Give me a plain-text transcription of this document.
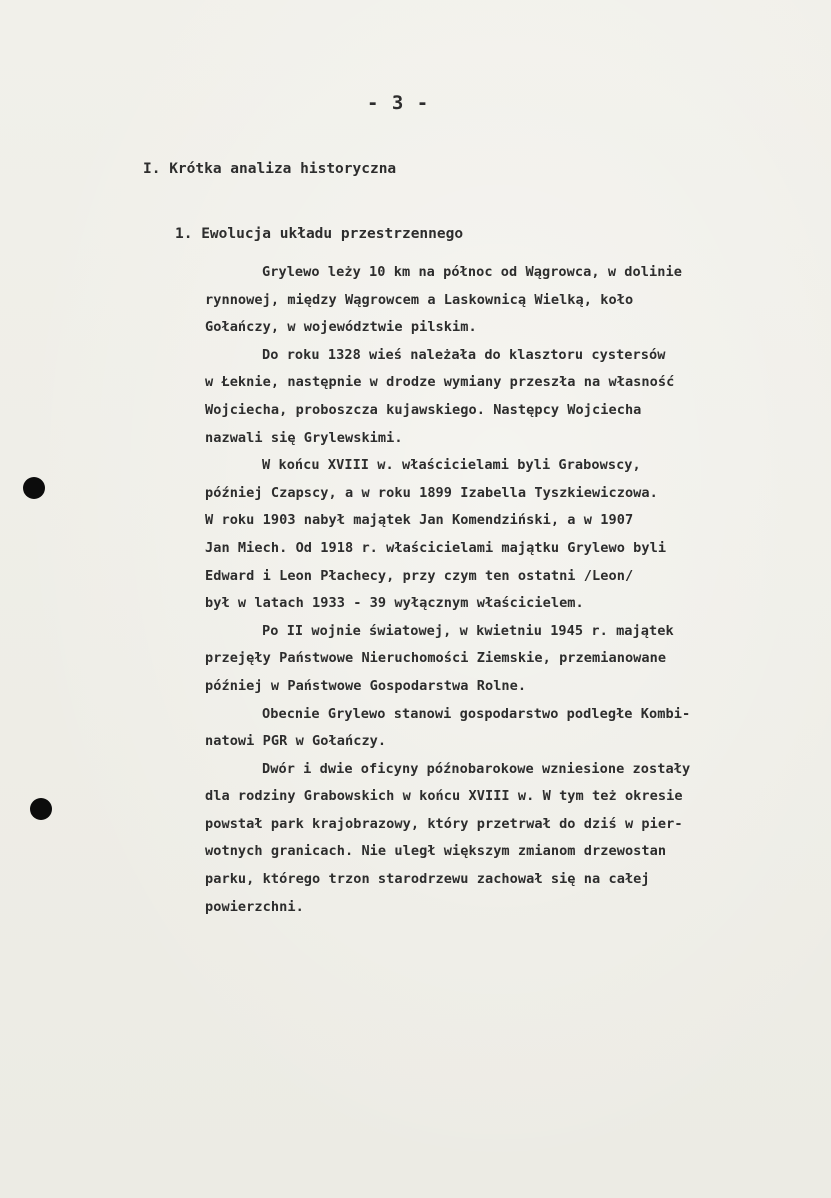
- 3 -
I. Krótka analiza historyczna
1. Ewolucja układu przestrzennego
Grylewo leży 10 km na północ od Wągrowca, w dolinie
rynnowej, między Wągrowcem a Laskownicą Wielką, koło
Gołańczy, w województwie pilskim.
Do roku 1328 wieś należała do klasztoru cystersów
w Łeknie, następnie w drodze wymiany przeszła na własność
Wojciecha, proboszcza kujawskiego. Następcy Wojciecha
nazwali się Grylewskimi.
W końcu XVIII w. właścicielami byli Grabowscy,
później Czapscy, a w roku 1899 Izabella Tyszkiewiczowa.
W roku 1903 nabył majątek Jan Komendziński, a w 1907
Jan Miech. Od 1918 r. właścicielami majątku Grylewo byli
Edward i Leon Płachecy, przy czym ten ostatni /Leon/
był w latach 1933 - 39 wyłącznym właścicielem.
Po II wojnie światowej, w kwietniu 1945 r. majątek
przejęły Państwowe Nieruchomości Ziemskie, przemianowane
później w Państwowe Gospodarstwa Rolne.
Obecnie Grylewo stanowi gospodarstwo podległe Kombi-
natowi PGR w Gołańczy.
Dwór i dwie oficyny późnobarokowe wzniesione zostały
dla rodziny Grabowskich w końcu XVIII w. W tym też okresie
powstał park krajobrazowy, który przetrwał do dziś w pier-
wotnych granicach. Nie uległ większym zmianom drzewostan
parku, którego trzon starodrzewu zachował się na całej
powierzchni.
